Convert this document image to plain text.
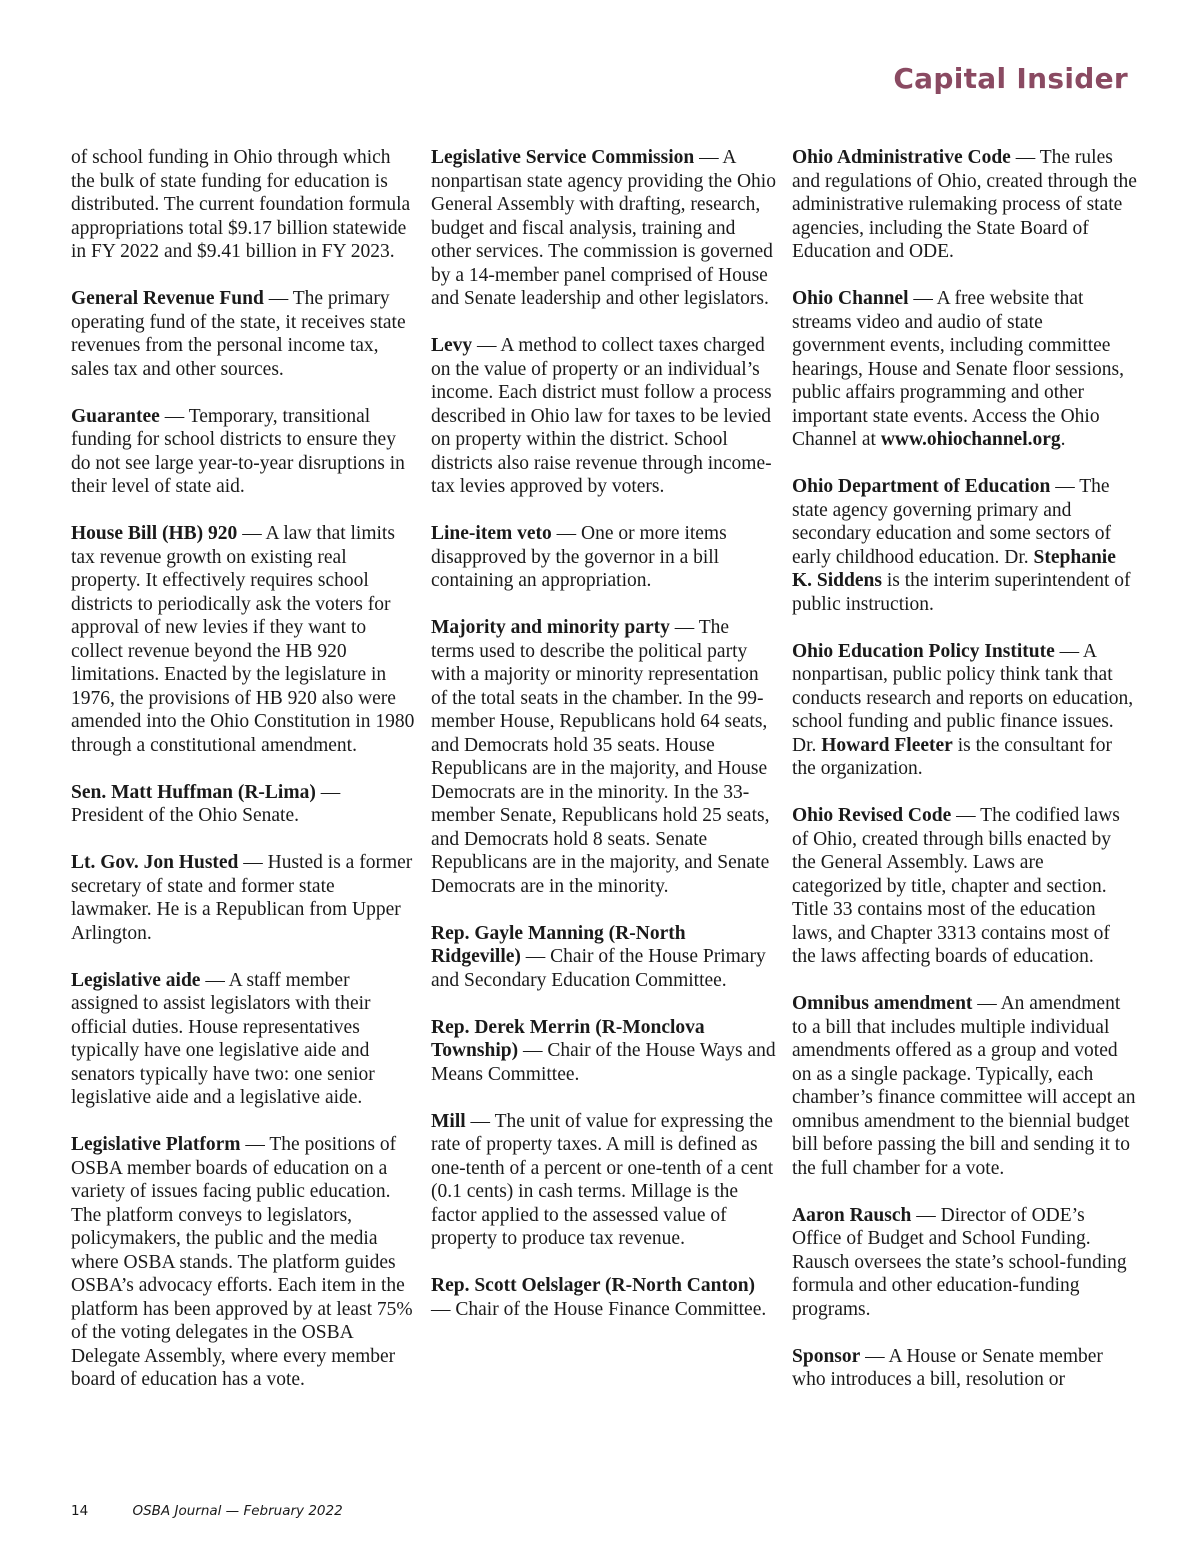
Capital Insider

of school funding in Ohio through which the bulk of state funding for education is distributed. The current foundation formula appropriations total $9.17 billion statewide in FY 2022 and $9.41 billion in FY 2023.

General Revenue Fund — The primary operating fund of the state, it receives state revenues from the personal income tax, sales tax and other sources.

Guarantee — Temporary, transitional funding for school districts to ensure they do not see large year-to-year disruptions in their level of state aid.

House Bill (HB) 920 — A law that limits tax revenue growth on existing real property. It effectively requires school districts to periodically ask the voters for approval of new levies if they want to collect revenue beyond the HB 920 limitations. Enacted by the legislature in 1976, the provisions of HB 920 also were amended into the Ohio Constitution in 1980 through a constitutional amendment.

Sen. Matt Huffman (R-Lima) — President of the Ohio Senate.

Lt. Gov. Jon Husted — Husted is a former secretary of state and former state lawmaker. He is a Republican from Upper Arlington.

Legislative aide — A staff member assigned to assist legislators with their official duties. House representatives typically have one legislative aide and senators typically have two: one senior legislative aide and a legislative aide.

Legislative Platform — The positions of OSBA member boards of education on a variety of issues facing public education. The platform conveys to legislators, policymakers, the public and the media where OSBA stands. The platform guides OSBA’s advocacy efforts. Each item in the platform has been approved by at least 75% of the voting delegates in the OSBA Delegate Assembly, where every member board of education has a vote.

Legislative Service Commission — A nonpartisan state agency providing the Ohio General Assembly with drafting, research, budget and fiscal analysis, training and other services. The commission is governed by a 14-member panel comprised of House and Senate leadership and other legislators.

Levy — A method to collect taxes charged on the value of property or an individual’s income. Each district must follow a process described in Ohio law for taxes to be levied on property within the district. School districts also raise revenue through income-tax levies approved by voters.

Line-item veto — One or more items disapproved by the governor in a bill containing an appropriation.

Majority and minority party — The terms used to describe the political party with a majority or minority representation of the total seats in the chamber. In the 99-member House, Republicans hold 64 seats, and Democrats hold 35 seats. House Republicans are in the majority, and House Democrats are in the minority. In the 33-member Senate, Republicans hold 25 seats, and Democrats hold 8 seats. Senate Republicans are in the majority, and Senate Democrats are in the minority.

Rep. Gayle Manning (R-North Ridgeville) — Chair of the House Primary and Secondary Education Committee.

Rep. Derek Merrin (R-Monclova Township) — Chair of the House Ways and Means Committee.

Mill — The unit of value for expressing the rate of property taxes. A mill is defined as one-tenth of a percent or one-tenth of a cent (0.1 cents) in cash terms. Millage is the factor applied to the assessed value of property to produce tax revenue.

Rep. Scott Oelslager (R-North Canton) — Chair of the House Finance Committee.

Ohio Administrative Code — The rules and regulations of Ohio, created through the administrative rulemaking process of state agencies, including the State Board of Education and ODE.

Ohio Channel — A free website that streams video and audio of state government events, including committee hearings, House and Senate floor sessions, public affairs programming and other important state events. Access the Ohio Channel at www.ohiochannel.org.

Ohio Department of Education — The state agency governing primary and secondary education and some sectors of early childhood education. Dr. Stephanie K. Siddens is the interim superintendent of public instruction.

Ohio Education Policy Institute — A nonpartisan, public policy think tank that conducts research and reports on education, school funding and public finance issues. Dr. Howard Fleeter is the consultant for the organization.

Ohio Revised Code — The codified laws of Ohio, created through bills enacted by the General Assembly. Laws are categorized by title, chapter and section. Title 33 contains most of the education laws, and Chapter 3313 contains most of the laws affecting boards of education.

Omnibus amendment — An amendment to a bill that includes multiple individual amendments offered as a group and voted on as a single package. Typically, each chamber’s finance committee will accept an omnibus amendment to the biennial budget bill before passing the bill and sending it to the full chamber for a vote.

Aaron Rausch — Director of ODE’s Office of Budget and School Funding. Rausch oversees the state’s school-funding formula and other education-funding programs.

Sponsor — A House or Senate member who introduces a bill, resolution or

14	OSBA Journal — February 2022
